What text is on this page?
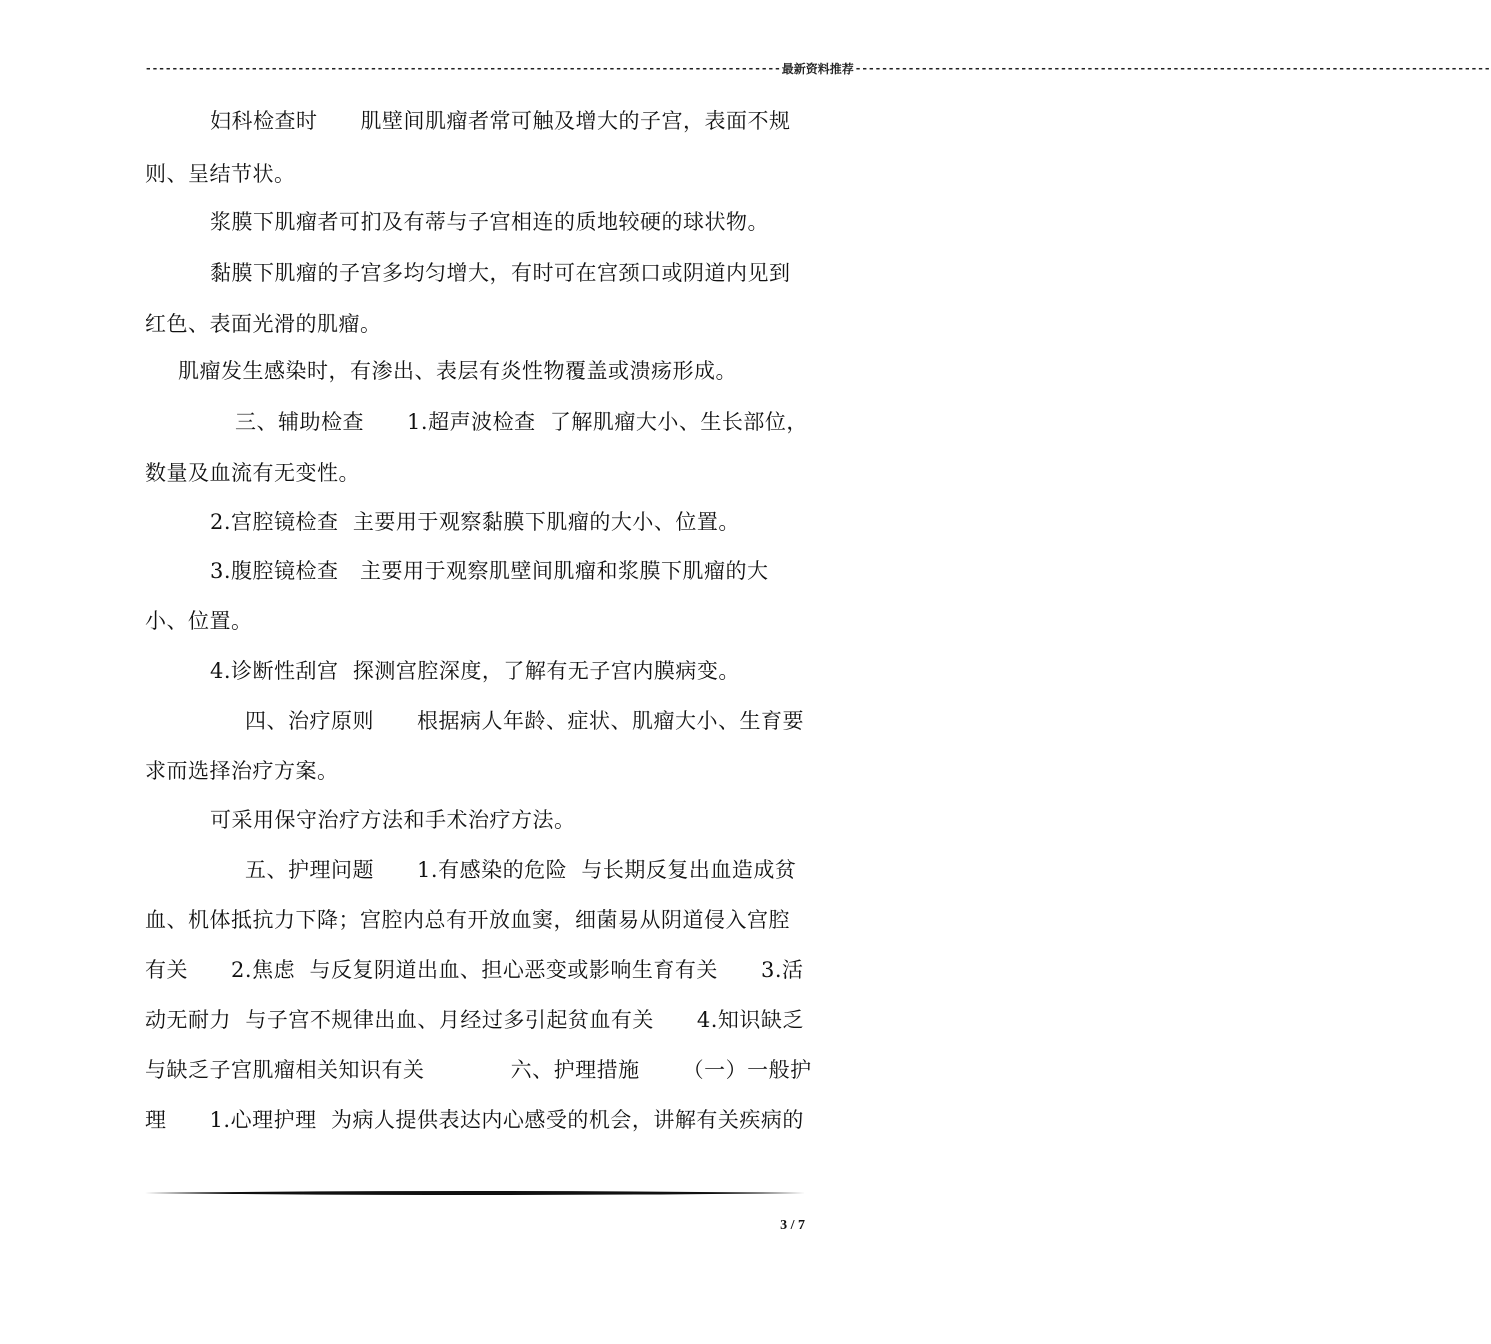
------------------------------------------------------------------------------------------------ 最新资料推荐 ------------------------------------------------------------------------------------------------
妇科检查时      肌壁间肌瘤者常可触及增大的子宫，表面不规
则、呈结节状。
浆膜下肌瘤者可扪及有蒂与子宫相连的质地较硬的球状物。
黏膜下肌瘤的子宫多均匀增大，有时可在宫颈口或阴道内见到
红色、表面光滑的肌瘤。
肌瘤发生感染时，有渗出、表层有炎性物覆盖或溃疡形成。
三、辅助检查      1.超声波检查  了解肌瘤大小、生长部位，
数量及血流有无变性。
2.宫腔镜检查  主要用于观察黏膜下肌瘤的大小、位置。
3.腹腔镜检查   主要用于观察肌壁间肌瘤和浆膜下肌瘤的大
小、位置。
4.诊断性刮宫  探测宫腔深度，了解有无子宫内膜病变。
四、治疗原则      根据病人年龄、症状、肌瘤大小、生育要
求而选择治疗方案。
可采用保守治疗方法和手术治疗方法。
五、护理问题      1.有感染的危险  与长期反复出血造成贫
血、机体抵抗力下降；宫腔内总有开放血窦，细菌易从阴道侵入宫腔
有关      2.焦虑  与反复阴道出血、担心恶变或影响生育有关      3.活
动无耐力  与子宫不规律出血、月经过多引起贫血有关      4.知识缺乏
与缺乏子宫肌瘤相关知识有关            六、护理措施      （一）一般护
理      1.心理护理  为病人提供表达内心感受的机会，讲解有关疾病的
3 / 7
